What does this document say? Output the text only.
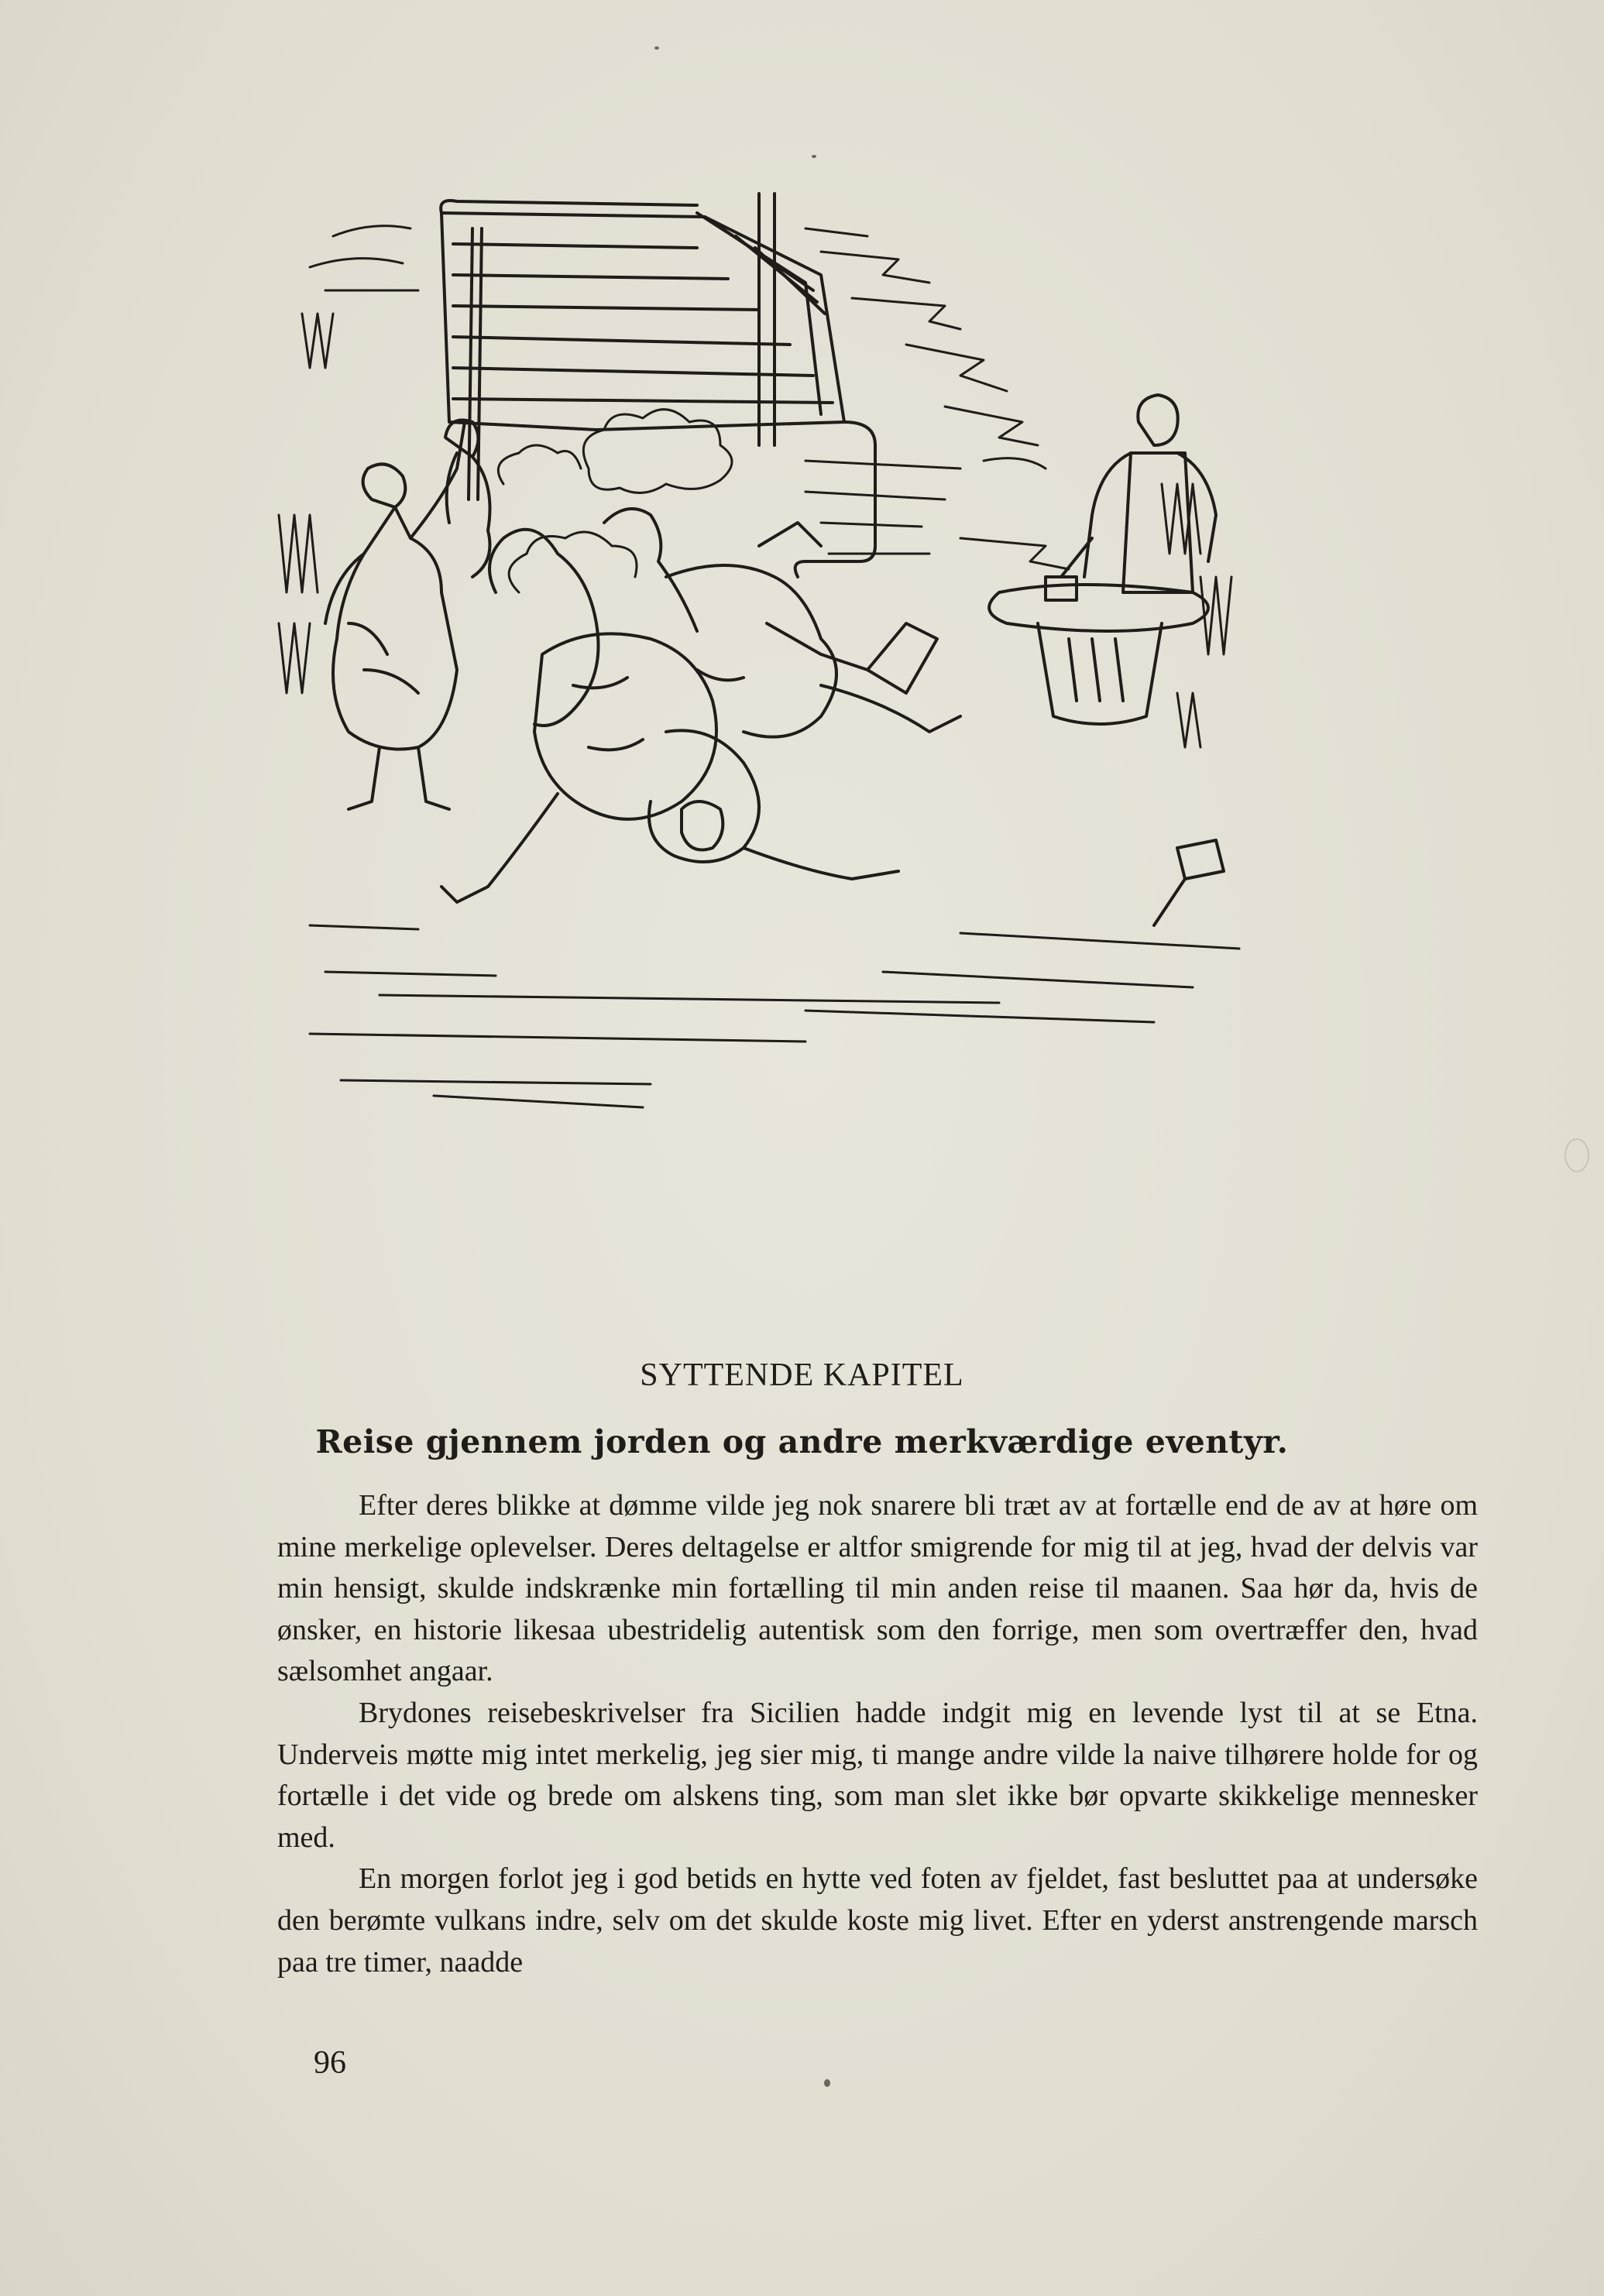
SYTTENDE KAPITEL
Reise gjennem jorden og andre merkværdige eventyr.

Efter deres blikke at dømme vilde jeg nok snarere bli træt av at fortælle end de av at høre om mine merkelige oplevelser. Deres deltagelse er altfor smigrende for mig til at jeg, hvad der delvis var min hensigt, skulde indskrænke min fortælling til min anden reise til maanen. Saa hør da, hvis de ønsker, en historie likesaa ubestridelig autentisk som den forrige, men som overtræffer den, hvad sælsomhet angaar.

Brydones reisebeskrivelser fra Sicilien hadde indgit mig en levende lyst til at se Etna. Underveis møtte mig intet merkelig, jeg sier mig, ti mange andre vilde la naive tilhørere holde for og fortælle i det vide og brede om alskens ting, som man slet ikke bør opvarte skikkelige mennesker med.

En morgen forlot jeg i god betids en hytte ved foten av fjeldet, fast besluttet paa at undersøke den berømte vulkans indre, selv om det skulde koste mig livet. Efter en yderst anstrengende marsch paa tre timer, naadde

96
